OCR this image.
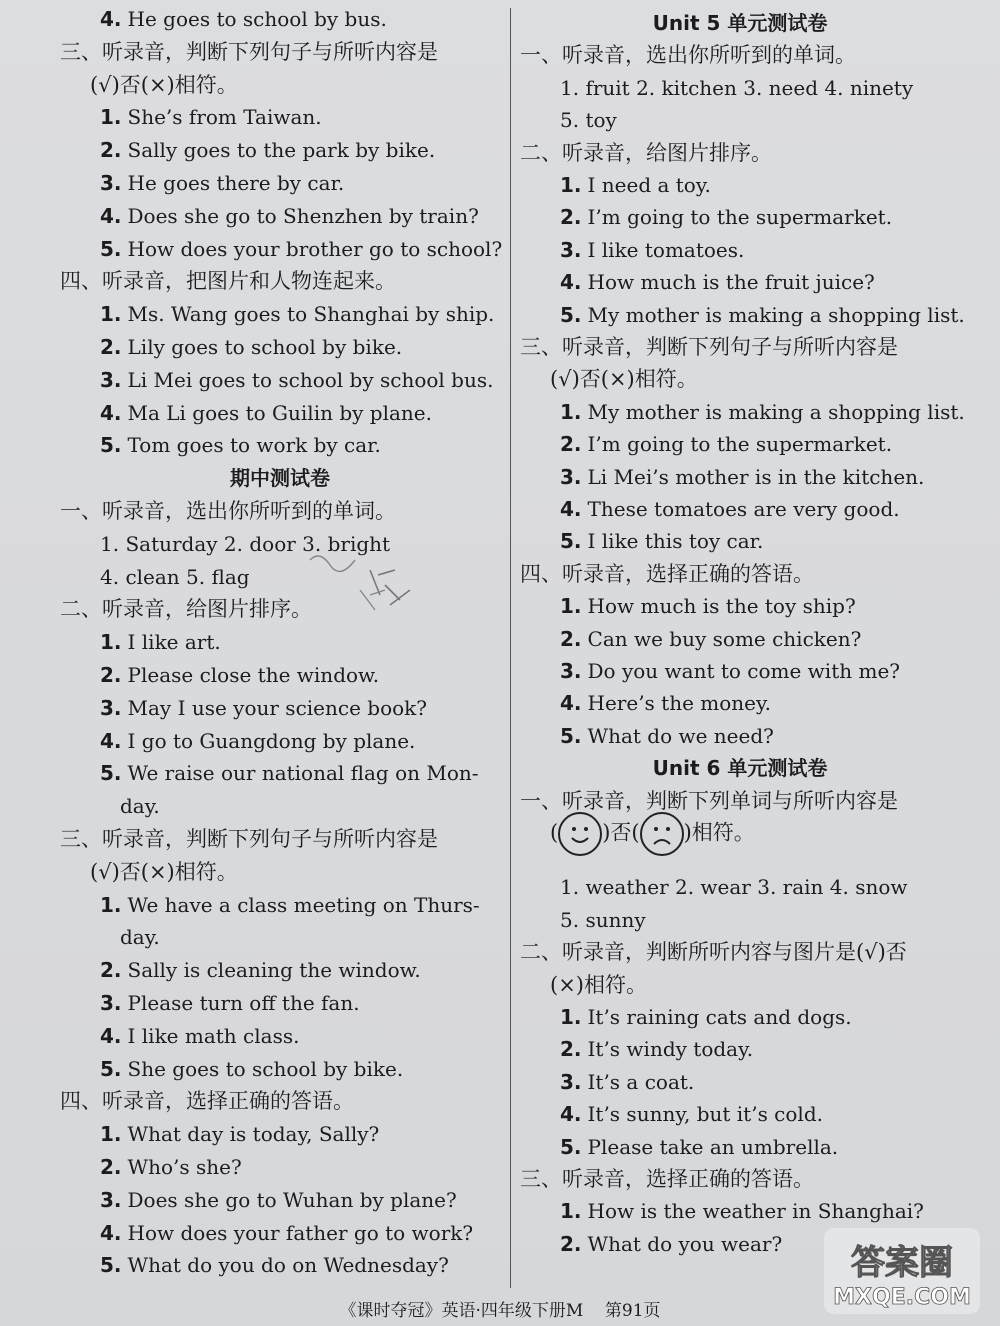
4. He goes to school by bus.
三、听录音，判断下列句子与所听内容是
(√)否(×)相符。
1. She’s from Taiwan.
2. Sally goes to the park by bike.
3. He goes there by car.
4. Does she go to Shenzhen by train?
5. How does your brother go to school?
四、听录音，把图片和人物连起来。
1. Ms. Wang goes to Shanghai by ship.
2. Lily goes to school by bike.
3. Li Mei goes to school by school bus.
4. Ma Li goes to Guilin by plane.
5. Tom goes to work by car.
期中测试卷
一、听录音，选出你所听到的单词。
1. Saturday 2. door 3. bright
4. clean 5. flag
二、听录音，给图片排序。
1. I like art.
2. Please close the window.
3. May I use your science book?
4. I go to Guangdong by plane.
5. We raise our national flag on Mon-
day.
三、听录音，判断下列句子与所听内容是
(√)否(×)相符。
1. We have a class meeting on Thurs-
day.
2. Sally is cleaning the window.
3. Please turn off the fan.
4. I like math class.
5. She goes to school by bike.
四、听录音，选择正确的答语。
1. What day is today, Sally?
2. Who’s she?
3. Does she go to Wuhan by plane?
4. How does your father go to work?
5. What do you do on Wednesday?
Unit 5 单元测试卷
一、听录音，选出你所听到的单词。
1. fruit 2. kitchen 3. need 4. ninety
5. toy
二、听录音，给图片排序。
1. I need a toy.
2. I’m going to the supermarket.
3. I like tomatoes.
4. How much is the fruit juice?
5. My mother is making a shopping list.
三、听录音，判断下列句子与所听内容是
(√)否(×)相符。
1. My mother is making a shopping list.
2. I’m going to the supermarket.
3. Li Mei’s mother is in the kitchen.
4. These tomatoes are very good.
5. I like this toy car.
四、听录音，选择正确的答语。
1. How much is the toy ship?
2. Can we buy some chicken?
3. Do you want to come with me?
4. Here’s the money.
5. What do we need?
Unit 6 单元测试卷
一、听录音，判断下列单词与所听内容是
( )否( )相符。
1. weather 2. wear 3. rain 4. snow
5. sunny
二、听录音，判断所听内容与图片是(√)否
(×)相符。
1. It’s raining cats and dogs.
2. It’s windy today.
3. It’s a coat.
4. It’s sunny, but it’s cold.
5. Please take an umbrella.
三、听录音，选择正确的答语。
1. How is the weather in Shanghai?
2. What do you wear?
《课时夺冠》英语·四年级下册M 第91页
答案圈
MXQE.COM
